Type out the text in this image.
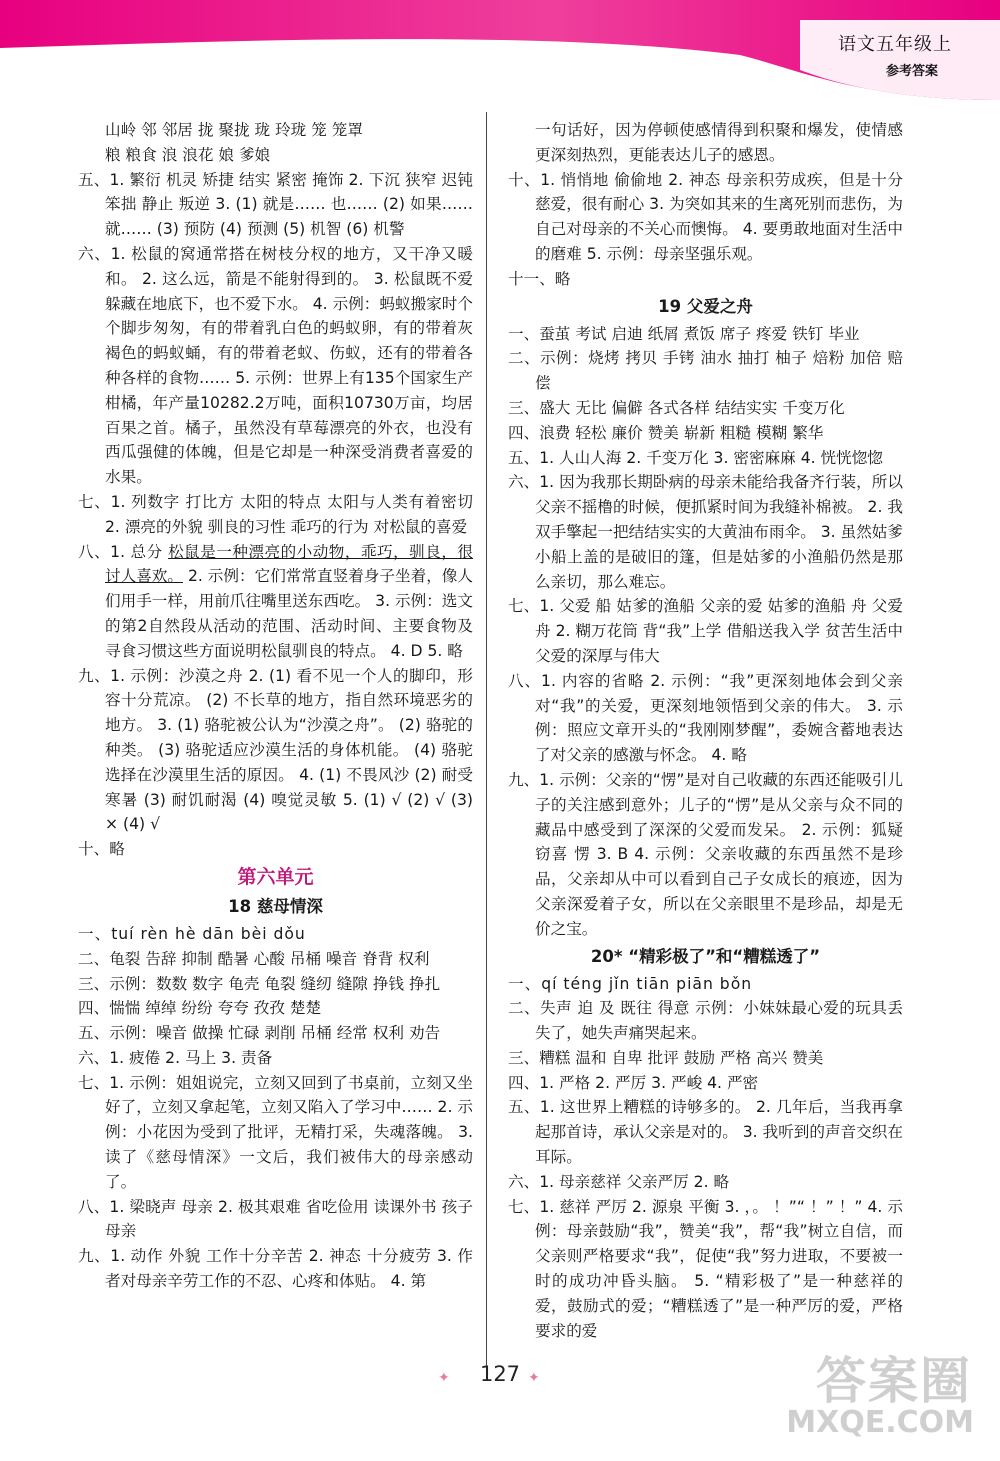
语文五年级上
参考答案

山岭 邻 邻居 拢 聚拢 珑 玲珑 笼 笼罩

粮 粮食 浪 浪花 娘 爹娘

五、1. 繁衍 机灵 矫捷 结实 紧密 掩饰 2. 下沉 狭窄 迟钝 笨拙 静止 叛逆 3. (1) 就是…… 也…… (2) 如果……就…… (3) 预防 (4) 预测 (5) 机智 (6) 机警

六、1. 松鼠的窝通常搭在树枝分杈的地方，又干净又暖和。 2. 这么远，箭是不能射得到的。 3. 松鼠既不爱躲藏在地底下，也不爱下水。 4. 示例：蚂蚁搬家时个个脚步匆匆，有的带着乳白色的蚂蚁卵，有的带着灰褐色的蚂蚁蛹，有的带着老蚁、伤蚁，还有的带着各种各样的食物…… 5. 示例：世界上有135个国家生产柑橘，年产量10282.2万吨，面积10730万亩，均居百果之首。橘子，虽然没有草莓漂亮的外衣，也没有西瓜强健的体魄，但是它却是一种深受消费者喜爱的水果。

七、1. 列数字 打比方 太阳的特点 太阳与人类有着密切 2. 漂亮的外貌 驯良的习性 乖巧的行为 对松鼠的喜爱

八、1. 总分 松鼠是一种漂亮的小动物，乖巧，驯良，很讨人喜欢。 2. 示例：它们常常直竖着身子坐着，像人们用手一样，用前爪往嘴里送东西吃。 3. 示例：选文的第2自然段从活动的范围、活动时间、主要食物及寻食习惯这些方面说明松鼠驯良的特点。 4. D 5. 略

九、1. 示例：沙漠之舟 2. (1) 看不见一个人的脚印，形容十分荒凉。 (2) 不长草的地方，指自然环境恶劣的地方。 3. (1) 骆驼被公认为“沙漠之舟”。 (2) 骆驼的种类。 (3) 骆驼适应沙漠生活的身体机能。 (4) 骆驼选择在沙漠里生活的原因。 4. (1) 不畏风沙 (2) 耐受寒暑 (3) 耐饥耐渴 (4) 嗅觉灵敏 5. (1) √ (2) √ (3) × (4) √

十、略

第六单元

18 慈母情深

一、tuí rèn hè dān bèi dǒu

二、龟裂 告辞 抑制 酷暑 心酸 吊桶 噪音 脊背 权利

三、示例：数数 数字 龟壳 龟裂 缝纫 缝隙 挣钱 挣扎

四、惴惴 绰绰 纷纷 夸夸 孜孜 楚楚

五、示例：噪音 做操 忙碌 剥削 吊桶 经常 权利 劝告

六、1. 疲倦 2. 马上 3. 责备

七、1. 示例：姐姐说完，立刻又回到了书桌前，立刻又坐好了，立刻又拿起笔，立刻又陷入了学习中…… 2. 示例：小花因为受到了批评，无精打采，失魂落魄。 3. 读了《慈母情深》一文后，我们被伟大的母亲感动了。

八、1. 梁晓声 母亲 2. 极其艰难 省吃俭用 读课外书 孩子 母亲

九、1. 动作 外貌 工作十分辛苦 2. 神态 十分疲劳 3. 作者对母亲辛劳工作的不忍、心疼和体贴。 4. 第

一句话好，因为停顿使感情得到积聚和爆发，使情感更深刻热烈，更能表达儿子的感恩。

十、1. 悄悄地 偷偷地 2. 神态 母亲积劳成疾，但是十分慈爱，很有耐心 3. 为突如其来的生离死别而悲伤，为自己对母亲的不关心而懊悔。 4. 要勇敢地面对生活中的磨难 5. 示例：母亲坚强乐观。

十一、略

19 父爱之舟

一、蚕茧 考试 启迪 纸屑 煮饭 席子 疼爱 铁钉 毕业

二、示例：烧烤 拷贝 手铐 油水 抽打 柚子 焙粉 加倍 赔偿

三、盛大 无比 偏僻 各式各样 结结实实 千变万化

四、浪费 轻松 廉价 赞美 崭新 粗糙 模糊 繁华

五、1. 人山人海 2. 千变万化 3. 密密麻麻 4. 恍恍惚惚

六、1. 因为我那长期卧病的母亲未能给我备齐行装，所以父亲不摇橹的时候，便抓紧时间为我缝补棉被。 2. 我双手擎起一把结结实实的大黄油布雨伞。 3. 虽然姑爹小船上盖的是破旧的篷，但是姑爹的小渔船仍然是那么亲切，那么难忘。

七、1. 父爱 船 姑爹的渔船 父亲的爱 姑爹的渔船 舟 父爱 舟 2. 糊万花筒 背“我”上学 借船送我入学 贫苦生活中父爱的深厚与伟大

八、1. 内容的省略 2. 示例：“我”更深刻地体会到父亲对“我”的关爱，更深刻地领悟到父亲的伟大。 3. 示例：照应文章开头的“我刚刚梦醒”，委婉含蓄地表达了对父亲的感激与怀念。 4. 略

九、1. 示例：父亲的“愣”是对自己收藏的东西还能吸引儿子的关注感到意外；儿子的“愣”是从父亲与众不同的藏品中感受到了深深的父爱而发呆。 2. 示例：狐疑 窃喜 愣 3. B 4. 示例：父亲收藏的东西虽然不是珍品，父亲却从中可以看到自己子女成长的痕迹，因为父亲深爱着子女，所以在父亲眼里不是珍品，却是无价之宝。

20* “精彩极了”和“糟糕透了”

一、qí téng jǐn tiān piān bǒn

二、失声 迫 及 既往 得意 示例：小妹妹最心爱的玩具丢失了，她失声痛哭起来。

三、糟糕 温和 自卑 批评 鼓励 严格 高兴 赞美

四、1. 严格 2. 严厉 3. 严峻 4. 严密

五、1. 这世界上糟糕的诗够多的。 2. 几年后，当我再拿起那首诗，承认父亲是对的。 3. 我听到的声音交织在耳际。

六、1. 母亲慈祥 父亲严厉 2. 略

七、1. 慈祥 严厉 2. 源泉 平衡 3. ，。 ！”“ ！” ！” 4. 示例：母亲鼓励“我”，赞美“我”，帮“我”树立自信，而父亲则严格要求“我”，促使“我”努力进取，不要被一时的成功冲昏头脑。 5. “精彩极了”是一种慈祥的爱，鼓励式的爱；“糟糕透了”是一种严厉的爱，严格要求的爱

✦	127 ✦	答案圈
MXQE.COM
